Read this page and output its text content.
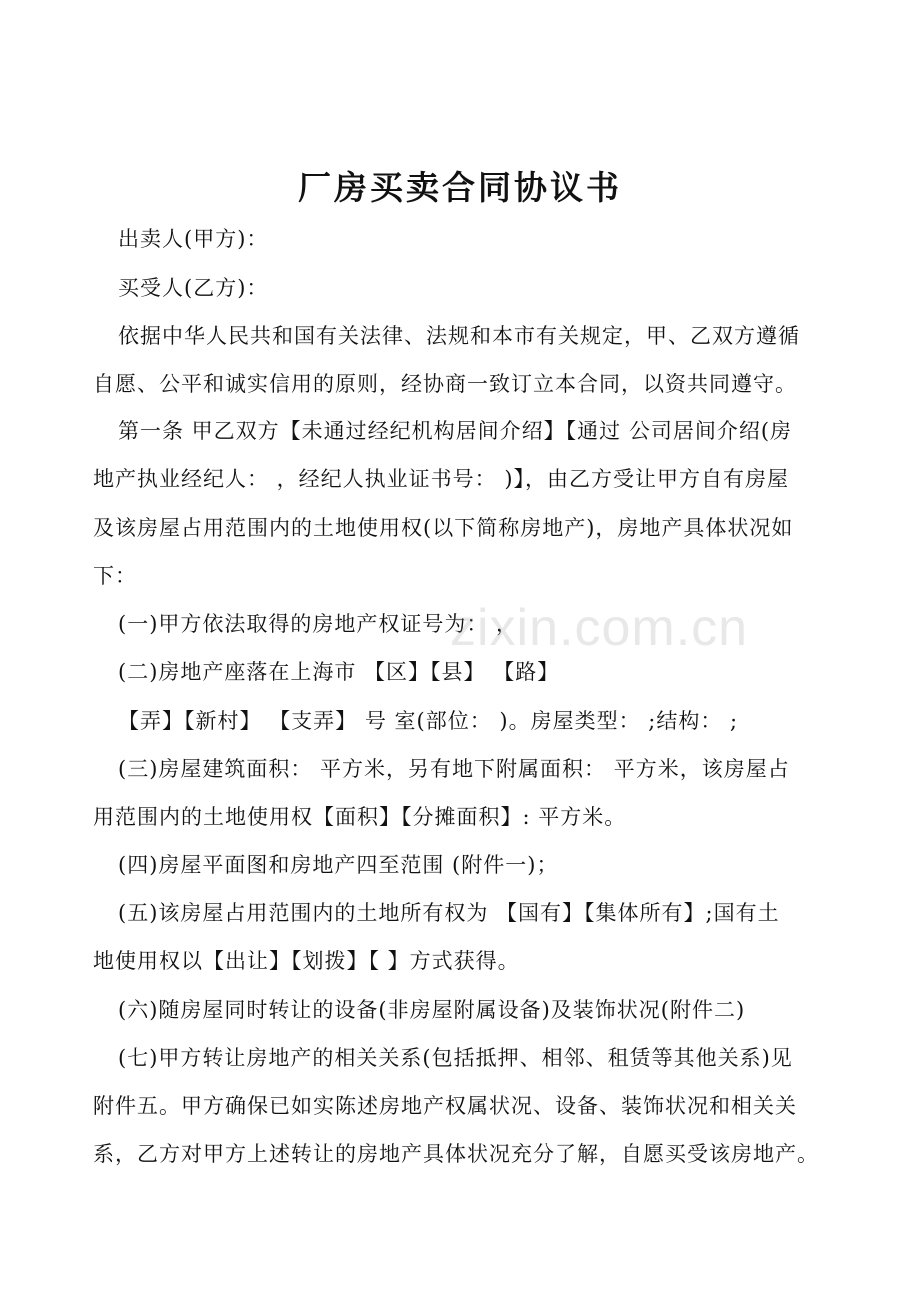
厂房买卖合同协议书
出卖人(甲方)：
买受人(乙方)：
依据中华人民共和国有关法律、法规和本市有关规定，甲、乙双方遵循
自愿、公平和诚实信用的原则，经协商一致订立本合同，以资共同遵守。
第一条 甲乙双方【未通过经纪机构居间介绍】【通过 公司居间介绍(房
地产执业经纪人： ，经纪人执业证书号： )】，由乙方受让甲方自有房屋
及该房屋占用范围内的土地使用权(以下简称房地产)，房地产具体状况如
下：
(一)甲方依法取得的房地产权证号为： ，
(二)房地产座落在上海市 【区】【县】 【路】
【弄】【新村】 【支弄】 号 室(部位： )。房屋类型： ;结构： ;
(三)房屋建筑面积： 平方米，另有地下附属面积： 平方米，该房屋占
用范围内的土地使用权【面积】【分摊面积】: 平方米。
(四)房屋平面图和房地产四至范围 (附件一)；
(五)该房屋占用范围内的土地所有权为 【国有】【集体所有】;国有土
地使用权以【出让】【划拨】【 】方式获得。
(六)随房屋同时转让的设备(非房屋附属设备)及装饰状况(附件二)
(七)甲方转让房地产的相关关系(包括抵押、相邻、租赁等其他关系)见
附件五。甲方确保已如实陈述房地产权属状况、设备、装饰状况和相关关
系，乙方对甲方上述转让的房地产具体状况充分了解，自愿买受该房地产。
zixin.com.cn
